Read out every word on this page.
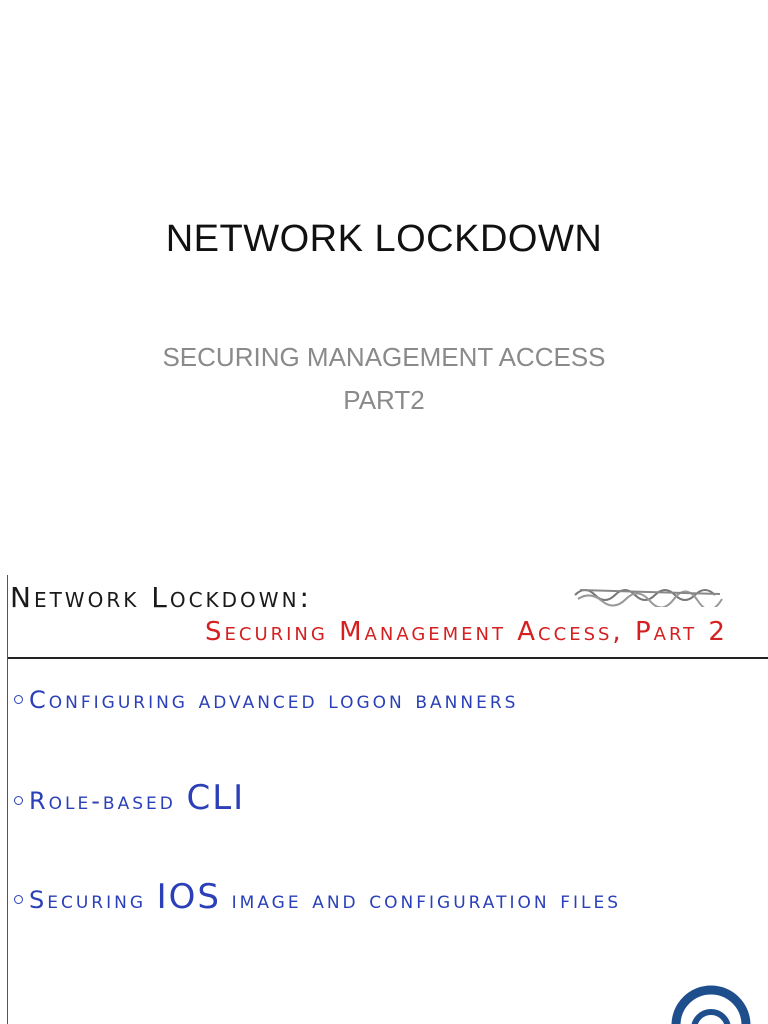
NETWORK LOCKDOWN
SECURING MANAGEMENT ACCESS
PART2
Network Lockdown:
Securing Management Access, Part 2
Configuring advanced logon banners
Role-based CLI
Securing IOS image and configuration files
